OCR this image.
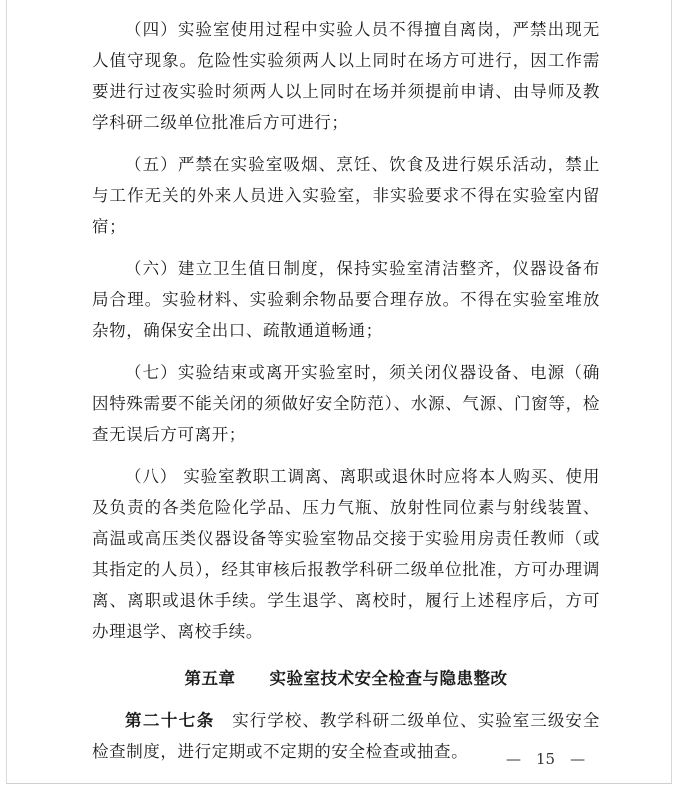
（四）实验室使用过程中实验人员不得擅自离岗，严禁出现无人值守现象。危险性实验须两人以上同时在场方可进行，因工作需要进行过夜实验时须两人以上同时在场并须提前申请、由导师及教学科研二级单位批准后方可进行；

（五）严禁在实验室吸烟、烹饪、饮食及进行娱乐活动，禁止与工作无关的外来人员进入实验室，非实验要求不得在实验室内留宿；

（六）建立卫生值日制度，保持实验室清洁整齐，仪器设备布局合理。实验材料、实验剩余物品要合理存放。不得在实验室堆放杂物，确保安全出口、疏散通道畅通；

（七）实验结束或离开实验室时，须关闭仪器设备、电源（确因特殊需要不能关闭的须做好安全防范）、水源、气源、门窗等，检查无误后方可离开；

（八） 实验室教职工调离、离职或退休时应将本人购买、使用及负责的各类危险化学品、压力气瓶、放射性同位素与射线装置、高温或高压类仪器设备等实验室物品交接于实验用房责任教师（或其指定的人员），经其审核后报教学科研二级单位批准，方可办理调离、离职或退休手续。学生退学、离校时，履行上述程序后，方可办理退学、离校手续。

第五章　　实验室技术安全检查与隐患整改

第二十七条　实行学校、教学科研二级单位、实验室三级安全检查制度，进行定期或不定期的安全检查或抽查。	—　15　—
